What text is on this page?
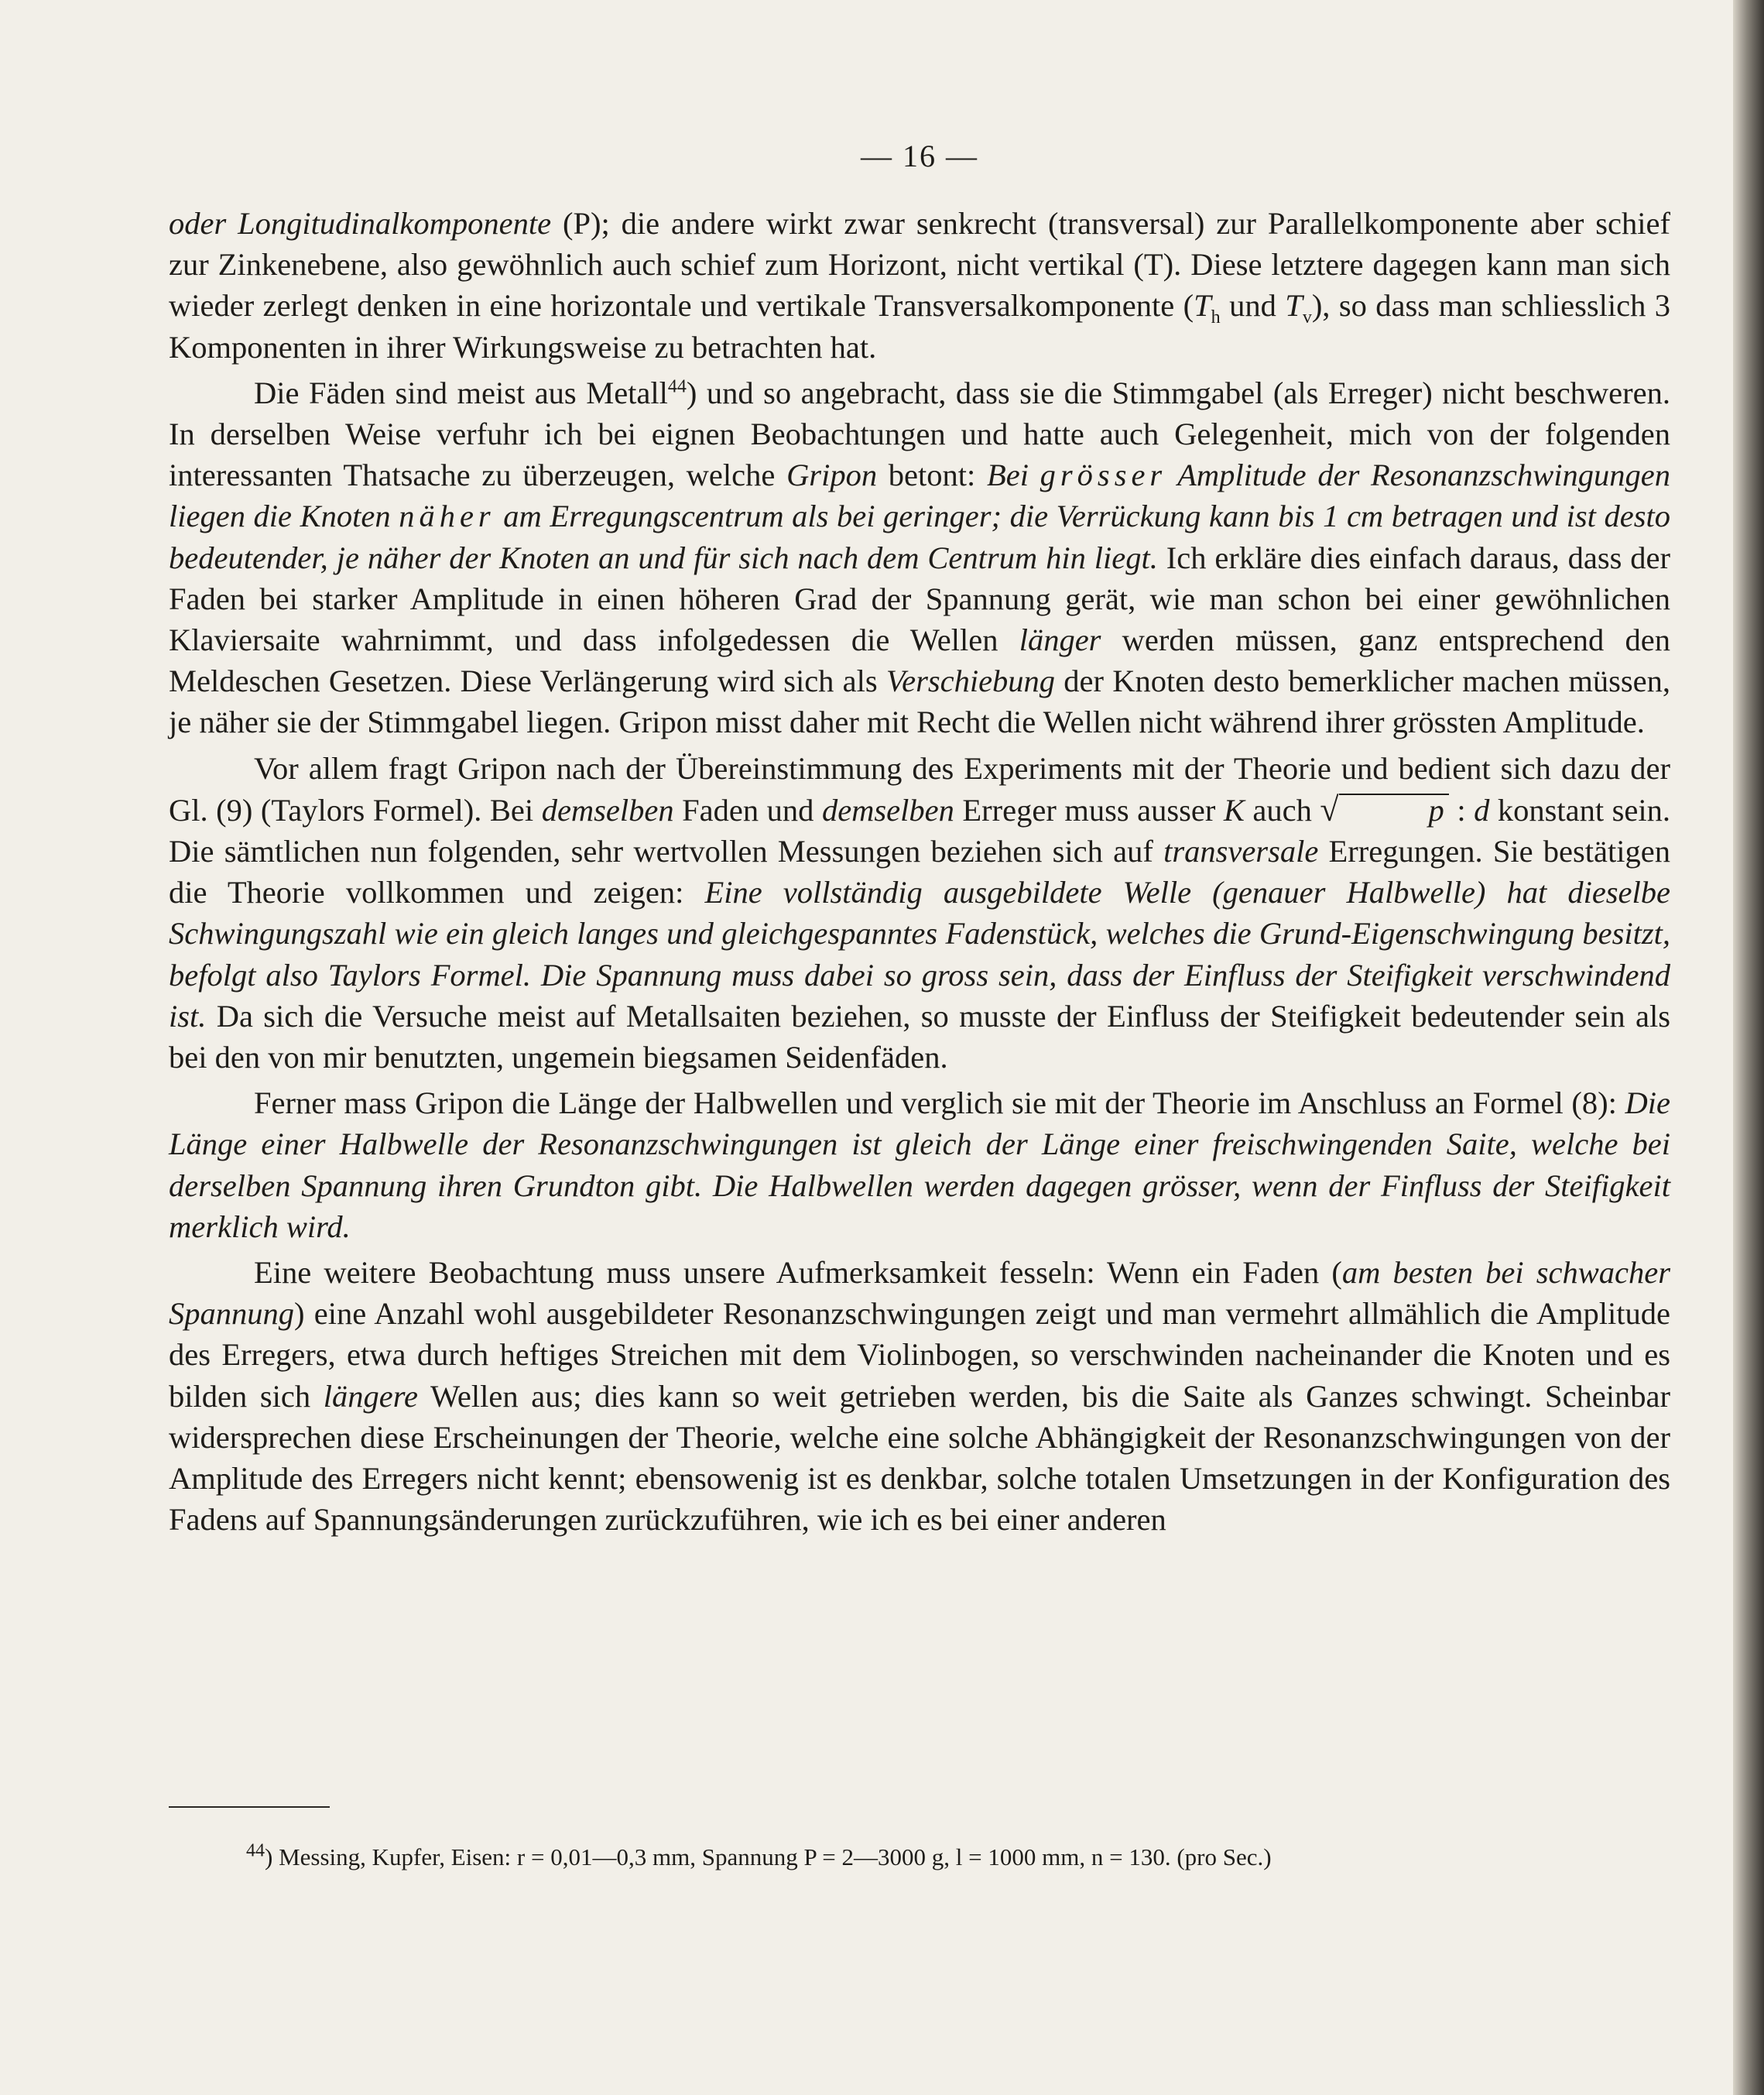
— 16 —

oder Longitudinalkomponente (P); die andere wirkt zwar senkrecht (transversal) zur Parallelkomponente aber schief zur Zinkenebene, also gewöhnlich auch schief zum Horizont, nicht vertikal (T). Diese letztere dagegen kann man sich wieder zerlegt denken in eine horizontale und vertikale Transversalkomponente ($T_h$ und $T_v$), so dass man schliesslich 3 Komponenten in ihrer Wirkungsweise zu betrachten hat.

Die Fäden sind meist aus Metall$^{44}$) und so angebracht, dass sie die Stimmgabel (als Erreger) nicht beschweren. In derselben Weise verfuhr ich bei eignen Beobachtungen und hatte auch Gelegenheit, mich von der folgenden interessanten Thatsache zu überzeugen, welche Gripon betont: Bei grösser Amplitude der Resonanzschwingungen liegen die Knoten näher am Erregungscentrum als bei geringer; die Verrückung kann bis 1 cm betragen und ist desto bedeutender, je näher der Knoten an und für sich nach dem Centrum hin liegt. Ich erkläre dies einfach daraus, dass der Faden bei starker Amplitude in einen höheren Grad der Spannung gerät, wie man schon bei einer gewöhnlichen Klaviersaite wahrnimmt, und dass infolgedessen die Wellen länger werden müssen, ganz entsprechend den Meldeschen Gesetzen. Diese Verlängerung wird sich als Verschiebung der Knoten desto bemerklicher machen müssen, je näher sie der Stimmgabel liegen. Gripon misst daher mit Recht die Wellen nicht während ihrer grössten Amplitude.

Vor allem fragt Gripon nach der Übereinstimmung des Experiments mit der Theorie und bedient sich dazu der Gl. (9) (Taylors Formel). Bei demselben Faden und demselben Erreger muss ausser K auch √	p : d konstant sein. Die sämtlichen nun folgenden, sehr wertvollen Messungen beziehen sich auf transversale Erregungen. Sie bestätigen die Theorie vollkommen und zeigen: Eine vollständig ausgebildete Welle (genauer Halbwelle) hat dieselbe Schwingungszahl wie ein gleich langes und gleichgespanntes Fadenstück, welches die Grund-Eigenschwingung besitzt, befolgt also Taylors Formel. Die Spannung muss dabei so gross sein, dass der Einfluss der Steifigkeit verschwindend ist. Da sich die Versuche meist auf Metallsaiten beziehen, so musste der Einfluss der Steifigkeit bedeutender sein als bei den von mir benutzten, ungemein biegsamen Seidenfäden.

Ferner mass Gripon die Länge der Halbwellen und verglich sie mit der Theorie im Anschluss an Formel (8): Die Länge einer Halbwelle der Resonanzschwingungen ist gleich der Länge einer freischwingenden Saite, welche bei derselben Spannung ihren Grundton gibt. Die Halbwellen werden dagegen grösser, wenn der Finfluss der Steifigkeit merklich wird.

Eine weitere Beobachtung muss unsere Aufmerksamkeit fesseln: Wenn ein Faden (am besten bei schwacher Spannung) eine Anzahl wohl ausgebildeter Resonanzschwingungen zeigt und man vermehrt allmählich die Amplitude des Erregers, etwa durch heftiges Streichen mit dem Violinbogen, so verschwinden nacheinander die Knoten und es bilden sich längere Wellen aus; dies kann so weit getrieben werden, bis die Saite als Ganzes schwingt. Scheinbar widersprechen diese Erscheinungen der Theorie, welche eine solche Abhängigkeit der Resonanzschwingungen von der Amplitude des Erregers nicht kennt; ebensowenig ist es denkbar, solche totalen Umsetzungen in der Konfiguration des Fadens auf Spannungsänderungen zurückzuführen, wie ich es bei einer anderen

$^{44}$) Messing, Kupfer, Eisen: r = 0,01—0,3 mm, Spannung P = 2—3000 g, l = 1000 mm, n = 130. (pro Sec.)
